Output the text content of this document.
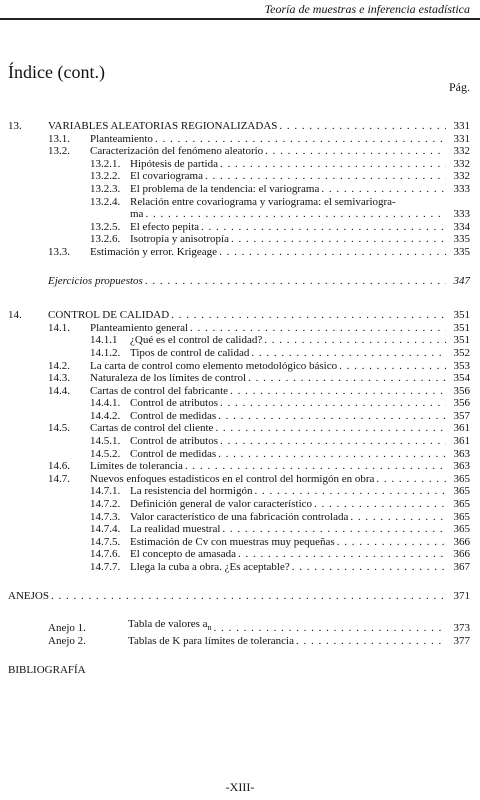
Teoría de muestras e inferencia estadística
Índice (cont.)
Pág.
13.	VARIABLES ALEATORIAS REGIONALIZADAS . . .	331
13.1.	Planteamiento . . .	331
13.2.	Caracterización del fenómeno aleatorio . . .	332
13.2.1. Hipótesis de partida . . .	332
13.2.2. El covariograma . . .	332
13.2.3. El problema de la tendencia: el variograma . . .	333
13.2.4. Relación entre covariograma y variograma: el semivariogra-
ma . . .	333
13.2.5. El efecto pepita . . .	334
13.2.6. Isotropía y anisotropía . . .	335
13.3.	Estimación y error. Krigeage . . .	335
Ejercicios propuestos . . .	347
14.	CONTROL DE CALIDAD . . .	351
14.1.	Planteamiento general . . .	351
14.1.1	¿Qué es el control de calidad? . . .	351
14.1.2. Tipos de control de calidad . . .	352
14.2.	La carta de control como elemento metodológico básico . . .	353
14.3.	Naturaleza de los límites de control . . .	354
14.4.	Cartas de control del fabricante . . .	356
14.4.1. Control de atributos . . .	356
14.4.2. Control de medidas . . .	357
14.5.	Cartas de control del cliente . . .	361
14.5.1. Control de atributos . . .	361
14.5.2. Control de medidas . . .	363
14.6.	Límites de tolerancia . . .	363
14.7.	Nuevos enfoques estadísticos en el control del hormigón en obra . . .	365
14.7.1. La resistencia del hormigón . . .	365
14.7.2. Definición general de valor característico . . .	365
14.7.3. Valor característico de una fabricación controlada . . .	365
14.7.4. La realidad muestral . . .	365
14.7.5. Estimación de Cv con muestras muy pequeñas . . .	366
14.7.6. El concepto de amasada . . .	366
14.7.7. Llega la cuba a obra. ¿Es aceptable? . . .	367
ANEJOS . . .	371
Anejo 1.	Tabla de valores $a_n$ . . .	373
Anejo 2.	Tablas de K para límites de tolerancia . . .	377
BIBLIOGRAFÍA
-XIII-
